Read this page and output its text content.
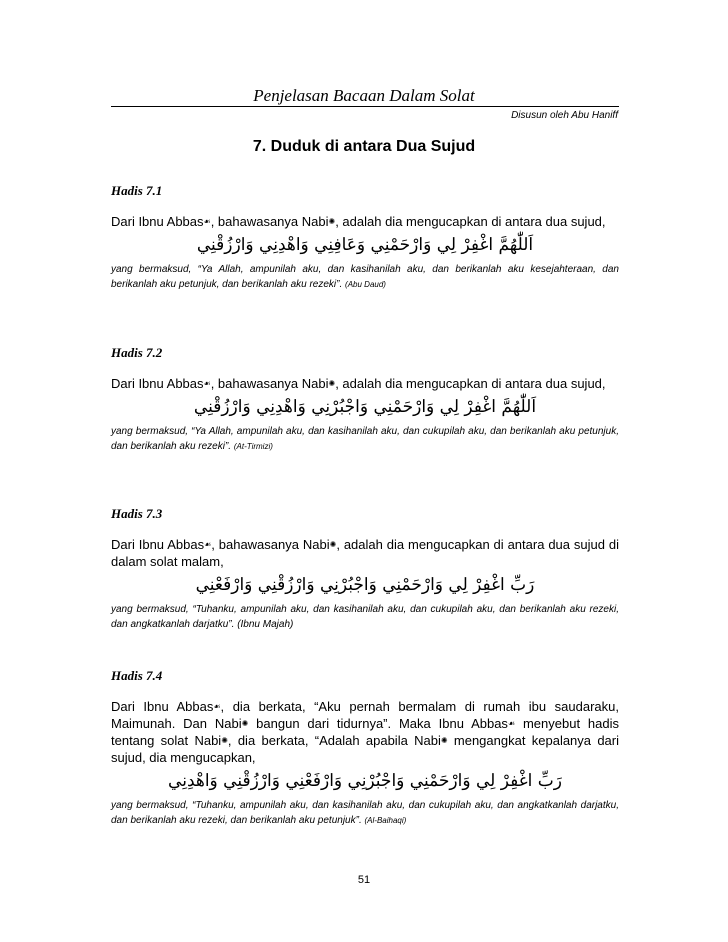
Penjelasan Bacaan Dalam Solat
Disusun oleh Abu Haniff
7. Duduk di antara Dua Sujud

Hadis 7.1

Dari Ibnu Abbas☙, bahawasanya Nabi✺, adalah dia mengucapkan di antara dua sujud,

اَللّٰهُمَّ اغْفِرْ لِي وَارْحَمْنِي وَعَافِنِي وَاهْدِنِي وَارْزُقْنِي

yang bermaksud, “Ya Allah, ampunilah aku, dan kasihanilah aku, dan berikanlah aku kesejahteraan, dan berikanlah aku petunjuk, dan berikanlah aku rezeki”. (Abu Daud)

Hadis 7.2

Dari Ibnu Abbas☙, bahawasanya Nabi✺, adalah dia mengucapkan di antara dua sujud,

اَللّٰهُمَّ اغْفِرْ لِي وَارْحَمْنِي وَاجْبُرْنِي وَاهْدِنِي وَارْزُقْنِي

yang bermaksud, “Ya Allah, ampunilah aku, dan kasihanilah aku, dan cukupilah aku, dan berikanlah aku petunjuk, dan berikanlah aku rezeki”. (At-Tirmizi)

Hadis 7.3

Dari Ibnu Abbas☙, bahawasanya Nabi✺, adalah dia mengucapkan di antara dua sujud di dalam solat malam,

رَبِّ اغْفِرْ لِي وَارْحَمْنِي وَاجْبُرْنِي وَارْزُقْنِي وَارْفَعْنِي

yang bermaksud, “Tuhanku, ampunilah aku, dan kasihanilah aku, dan cukupilah aku, dan berikanlah aku rezeki, dan angkatkanlah darjatku”. (Ibnu Majah)

Hadis 7.4

Dari Ibnu Abbas☙, dia berkata, “Aku pernah bermalam di rumah ibu saudaraku, Maimunah. Dan Nabi✺ bangun dari tidurnya”. Maka Ibnu Abbas☙ menyebut hadis tentang solat Nabi✺, dia berkata, “Adalah apabila Nabi✺ mengangkat kepalanya dari sujud, dia mengucapkan,

رَبِّ اغْفِرْ لِي وَارْحَمْنِي وَاجْبُرْنِي وَارْفَعْنِي وَارْزُقْنِي وَاهْدِنِي

yang bermaksud, “Tuhanku, ampunilah aku, dan kasihanilah aku, dan cukupilah aku, dan angkatkanlah darjatku, dan berikanlah aku rezeki, dan berikanlah aku petunjuk”. (Al-Baihaqi)

51
